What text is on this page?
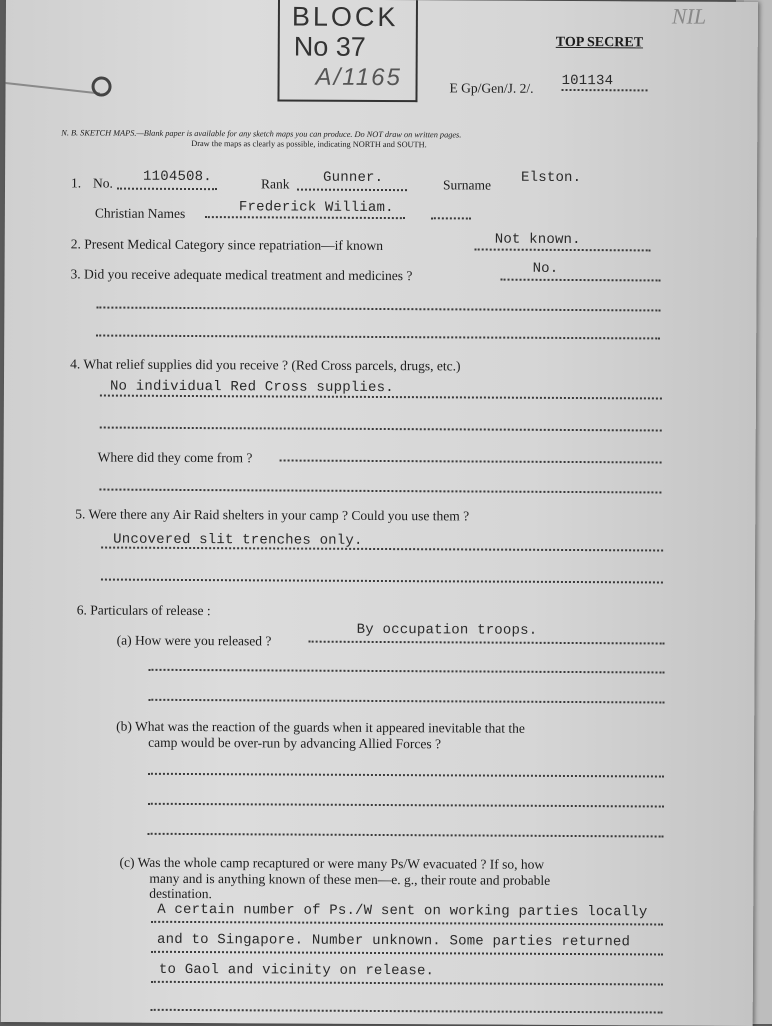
BLOCK
No 37
A/1165
NIL
TOP SECRET
E Gp/Gen/J. 2/. 101134
N. B. SKETCH MAPS.—Blank paper is available for any sketch maps you can produce. Do NOT draw on written pages.
Draw the maps as clearly as possible, indicating NORTH and SOUTH.
1. No. 1104508.	Rank Gunner.	Surname Elston.
Christian Names	Frederick William.
2. Present Medical Category since repatriation—if known	Not known.
3. Did you receive adequate medical treatment and medicines ?	No.
4. What relief supplies did you receive ? (Red Cross parcels, drugs, etc.)
No individual Red Cross supplies.
Where did they come from ?
5. Were there any Air Raid shelters in your camp ? Could you use them ?
Uncovered slit trenches only.
6. Particulars of release :
(a) How were you released ?
By occupation troops.
(b) What was the reaction of the guards when it appeared inevitable that the
camp would be over-run by advancing Allied Forces ?
(c) Was the whole camp recaptured or were many Ps/W evacuated ? If so, how
many and is anything known of these men—e. g., their route and probable
destination.
A certain number of Ps./W sent on working parties locally
and to Singapore. Number unknown. Some parties returned
to Gaol and vicinity on release.
